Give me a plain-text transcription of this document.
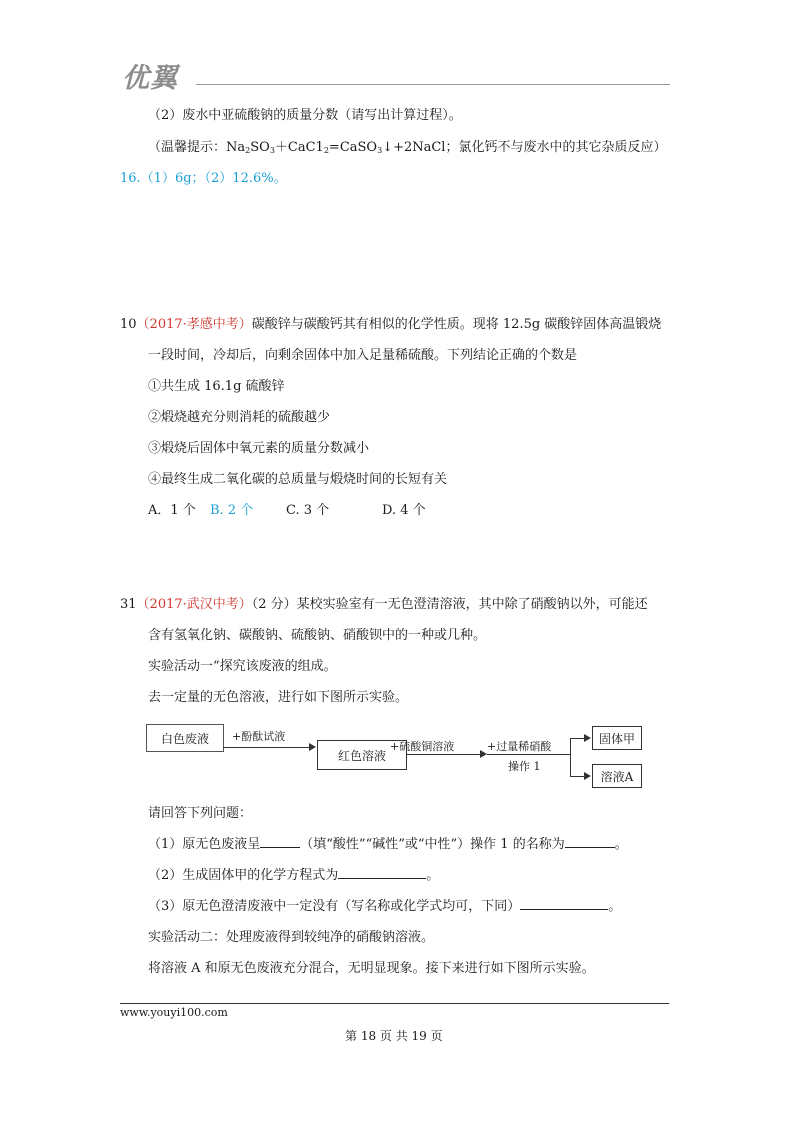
优翼
（2）废水中亚硫酸钠的质量分数（请写出计算过程）。
（温馨提示：$Na_2SO_3+CaC1_2=CaSO_3↓+2NaCl$；氯化钙不与废水中的其它杂质反应）
16.（1）6g；（2）12.6%。
10（2017·孝感中考）碳酸锌与碳酸钙其有相似的化学性质。现将 12.5g 碳酸锌固体高温锻烧
一段时间，冷却后，向剩余固体中加入足量稀硫酸。下列结论正确的个数是
①共生成 16.1g 硫酸锌
②煅烧越充分则消耗的硫酸越少
③煅烧后固体中氧元素的质量分数减小
④最终生成二氧化碳的总质量与煅烧时间的长短有关
A．1 个 B. 2 个	C. 3 个	D. 4 个
31（2017·武汉中考）（2 分）某校实验室有一无色澄清溶液，其中除了硝酸钠以外，可能还
含有氢氧化钠、碳酸钠、硫酸钠、硝酸钡中的一种或几种。
实验活动一“探究该废液的组成。
去一定量的无色溶液，进行如下图所示实验。
白色废液	+酚酞试液
红色溶液
+硫酸铜溶液	+过量稀硝酸
操作 1
固体甲
溶液A
请回答下列问题：
（1）原无色废液呈	（填“酸性”“碱性”或“中性”）操作 1 的名称为	。
（2）生成固体甲的化学方程式为	。
（3）原无色澄清废液中一定没有（写名称或化学式均可，下同）	。
实验活动二：处理废液得到较纯净的硝酸钠溶液。
将溶液 A 和原无色废液充分混合，无明显现象。接下来进行如下图所示实验。
www.youyi100.com
第 18 页 共 19 页
